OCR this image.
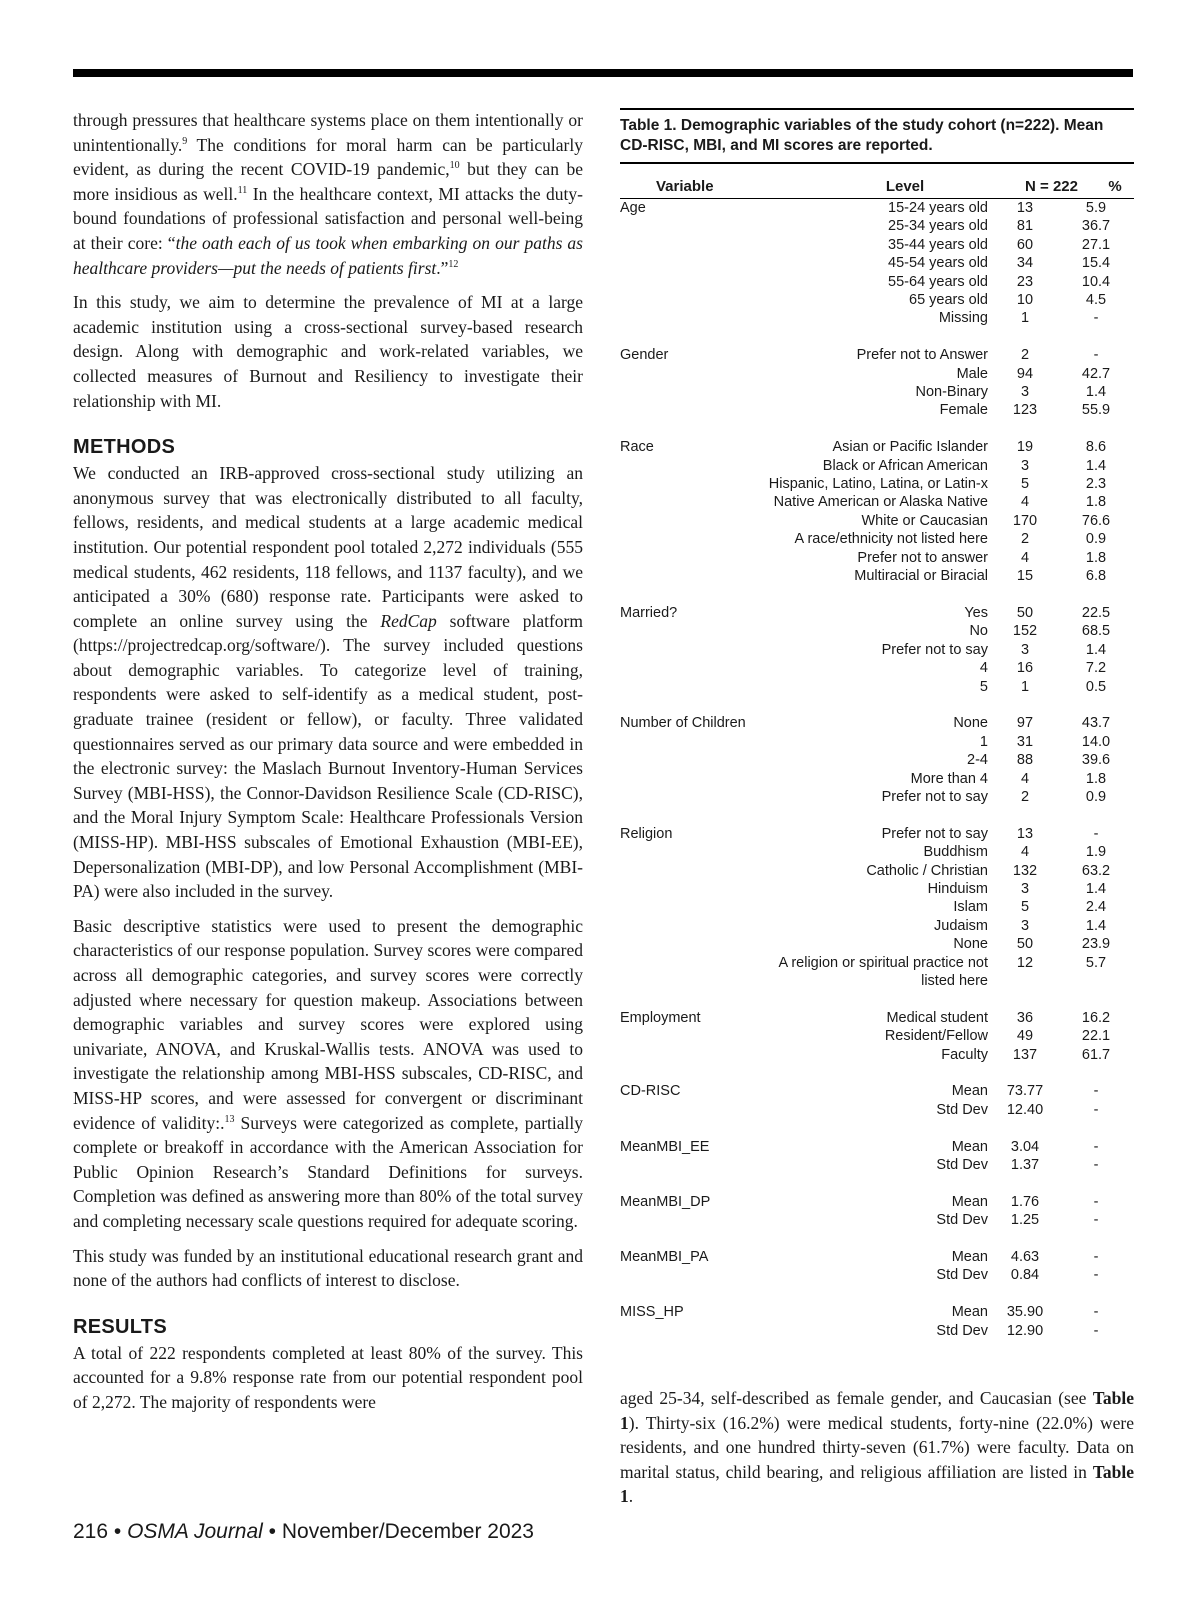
through pressures that healthcare systems place on them intentionally or unintentionally.$^9$ The conditions for moral harm can be particularly evident, as during the recent COVID-19 pandemic,$^{10}$ but they can be more insidious as well.$^{11}$ In the healthcare context, MI attacks the duty-bound foundations of professional satisfaction and personal well-being at their core: “the oath each of us took when embarking on our paths as healthcare providers—put the needs of patients first.”$^{12}$

In this study, we aim to determine the prevalence of MI at a large academic institution using a cross-sectional survey-based research design. Along with demographic and work-related variables, we collected measures of Burnout and Resiliency to investigate their relationship with MI.

METHODS

We conducted an IRB-approved cross-sectional study utilizing an anonymous survey that was electronically distributed to all faculty, fellows, residents, and medical students at a large academic medical institution. Our potential respondent pool totaled 2,272 individuals (555 medical students, 462 residents, 118 fellows, and 1137 faculty), and we anticipated a 30% (680) response rate. Participants were asked to complete an online survey using the RedCap software platform (https://projectredcap.org/software/). The survey included questions about demographic variables. To categorize level of training, respondents were asked to self-identify as a medical student, post-graduate trainee (resident or fellow), or faculty. Three validated questionnaires served as our primary data source and were embedded in the electronic survey: the Maslach Burnout Inventory-Human Services Survey (MBI-HSS), the Connor-Davidson Resilience Scale (CD-RISC), and the Moral Injury Symptom Scale: Healthcare Professionals Version (MISS-HP). MBI-HSS subscales of Emotional Exhaustion (MBI-EE), Depersonalization (MBI-DP), and low Personal Accomplishment (MBI-PA) were also included in the survey.

Basic descriptive statistics were used to present the demographic characteristics of our response population. Survey scores were compared across all demographic categories, and survey scores were correctly adjusted where necessary for question makeup. Associations between demographic variables and survey scores were explored using univariate, ANOVA, and Kruskal-Wallis tests. ANOVA was used to investigate the relationship among MBI-HSS subscales, CD-RISC, and MISS-HP scores, and were assessed for convergent or discriminant evidence of validity:.$^{13}$ Surveys were categorized as complete, partially complete or breakoff in accordance with the American Association for Public Opinion Research’s Standard Definitions for surveys. Completion was defined as answering more than 80% of the total survey and completing necessary scale questions required for adequate scoring.

This study was funded by an institutional educational research grant and none of the authors had conflicts of interest to disclose.

RESULTS

A total of 222 respondents completed at least 80% of the survey. This accounted for a 9.8% response rate from our potential respondent pool of 2,272. The majority of respondents were

216 • OSMA Journal • November/December 2023
Table 1. Demographic variables of the study cohort (n=222). Mean CD-RISC, MBI, and MI scores are reported.
Variable	Level	N = 222	%
Age	15-24 years old	13	5.9
25-34 years old	81	36.7
35-44 years old	60	27.1
45-54 years old	34	15.4
55-64 years old	23	10.4
65 years old	10	4.5
Missing	1	-
Gender	Prefer not to Answer	2	-
Male	94	42.7
Non-Binary	3	1.4
Female	123	55.9
Race	Asian or Pacific Islander	19	8.6
Black or African American	3	1.4
Hispanic, Latino, Latina, or Latin-x	5	2.3
Native American or Alaska Native	4	1.8
White or Caucasian	170	76.6
A race/ethnicity not listed here	2	0.9
Prefer not to answer	4	1.8
Multiracial or Biracial	15	6.8
Married?	Yes	50	22.5
No	152	68.5
Prefer not to say	3	1.4
4	16	7.2
5	1	0.5
Number of Children	None	97	43.7
1	31	14.0
2-4	88	39.6
More than 4	4	1.8
Prefer not to say	2	0.9
Religion	Prefer not to say	13	-
Buddhism	4	1.9
Catholic / Christian	132	63.2
Hinduism	3	1.4
Islam	5	2.4
Judaism	3	1.4
None	50	23.9
A religion or spiritual practice not listed here
12	5.7
Employment	Medical student	36	16.2
Resident/Fellow	49	22.1
Faculty	137	61.7
CD-RISC	Mean	73.77	-
Std Dev	12.40	-
MeanMBI_EE	Mean	3.04	-
Std Dev	1.37	-
MeanMBI_DP	Mean	1.76	-
Std Dev	1.25	-
MeanMBI_PA	Mean	4.63	-
Std Dev	0.84	-
MISS_HP	Mean	35.90	-
Std Dev	12.90	-

aged 25-34, self-described as female gender, and Caucasian (see Table 1). Thirty-six (16.2%) were medical students, forty-nine (22.0%) were residents, and one hundred thirty-seven (61.7%) were faculty. Data on marital status, child bearing, and religious affiliation are listed in Table 1.
